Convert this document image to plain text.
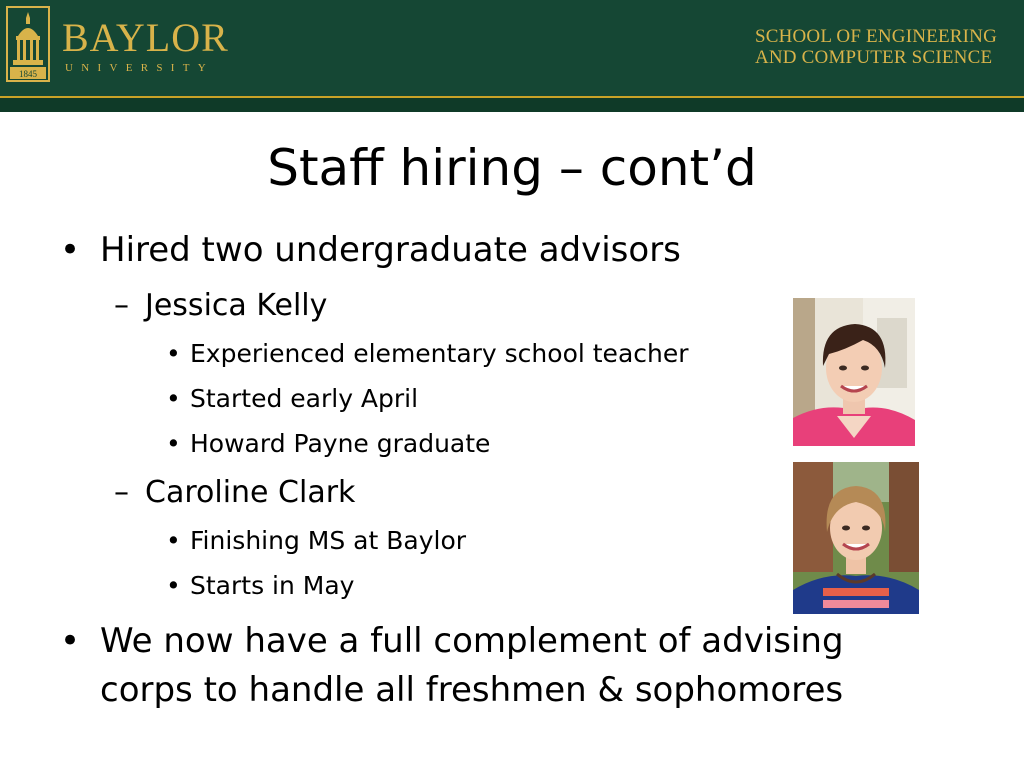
1845
BAYLOR
UNIVERSITY
SCHOOL OF ENGINEERING
AND COMPUTER SCIENCE
Staff hiring – cont’d
• Hired two undergraduate advisors
– Jessica Kelly
• Experienced elementary school teacher
• Started early April
• Howard Payne graduate
– Caroline Clark
• Finishing MS at Baylor
• Starts in May
• We now have a full complement of advising
corps to handle all freshmen & sophomores
